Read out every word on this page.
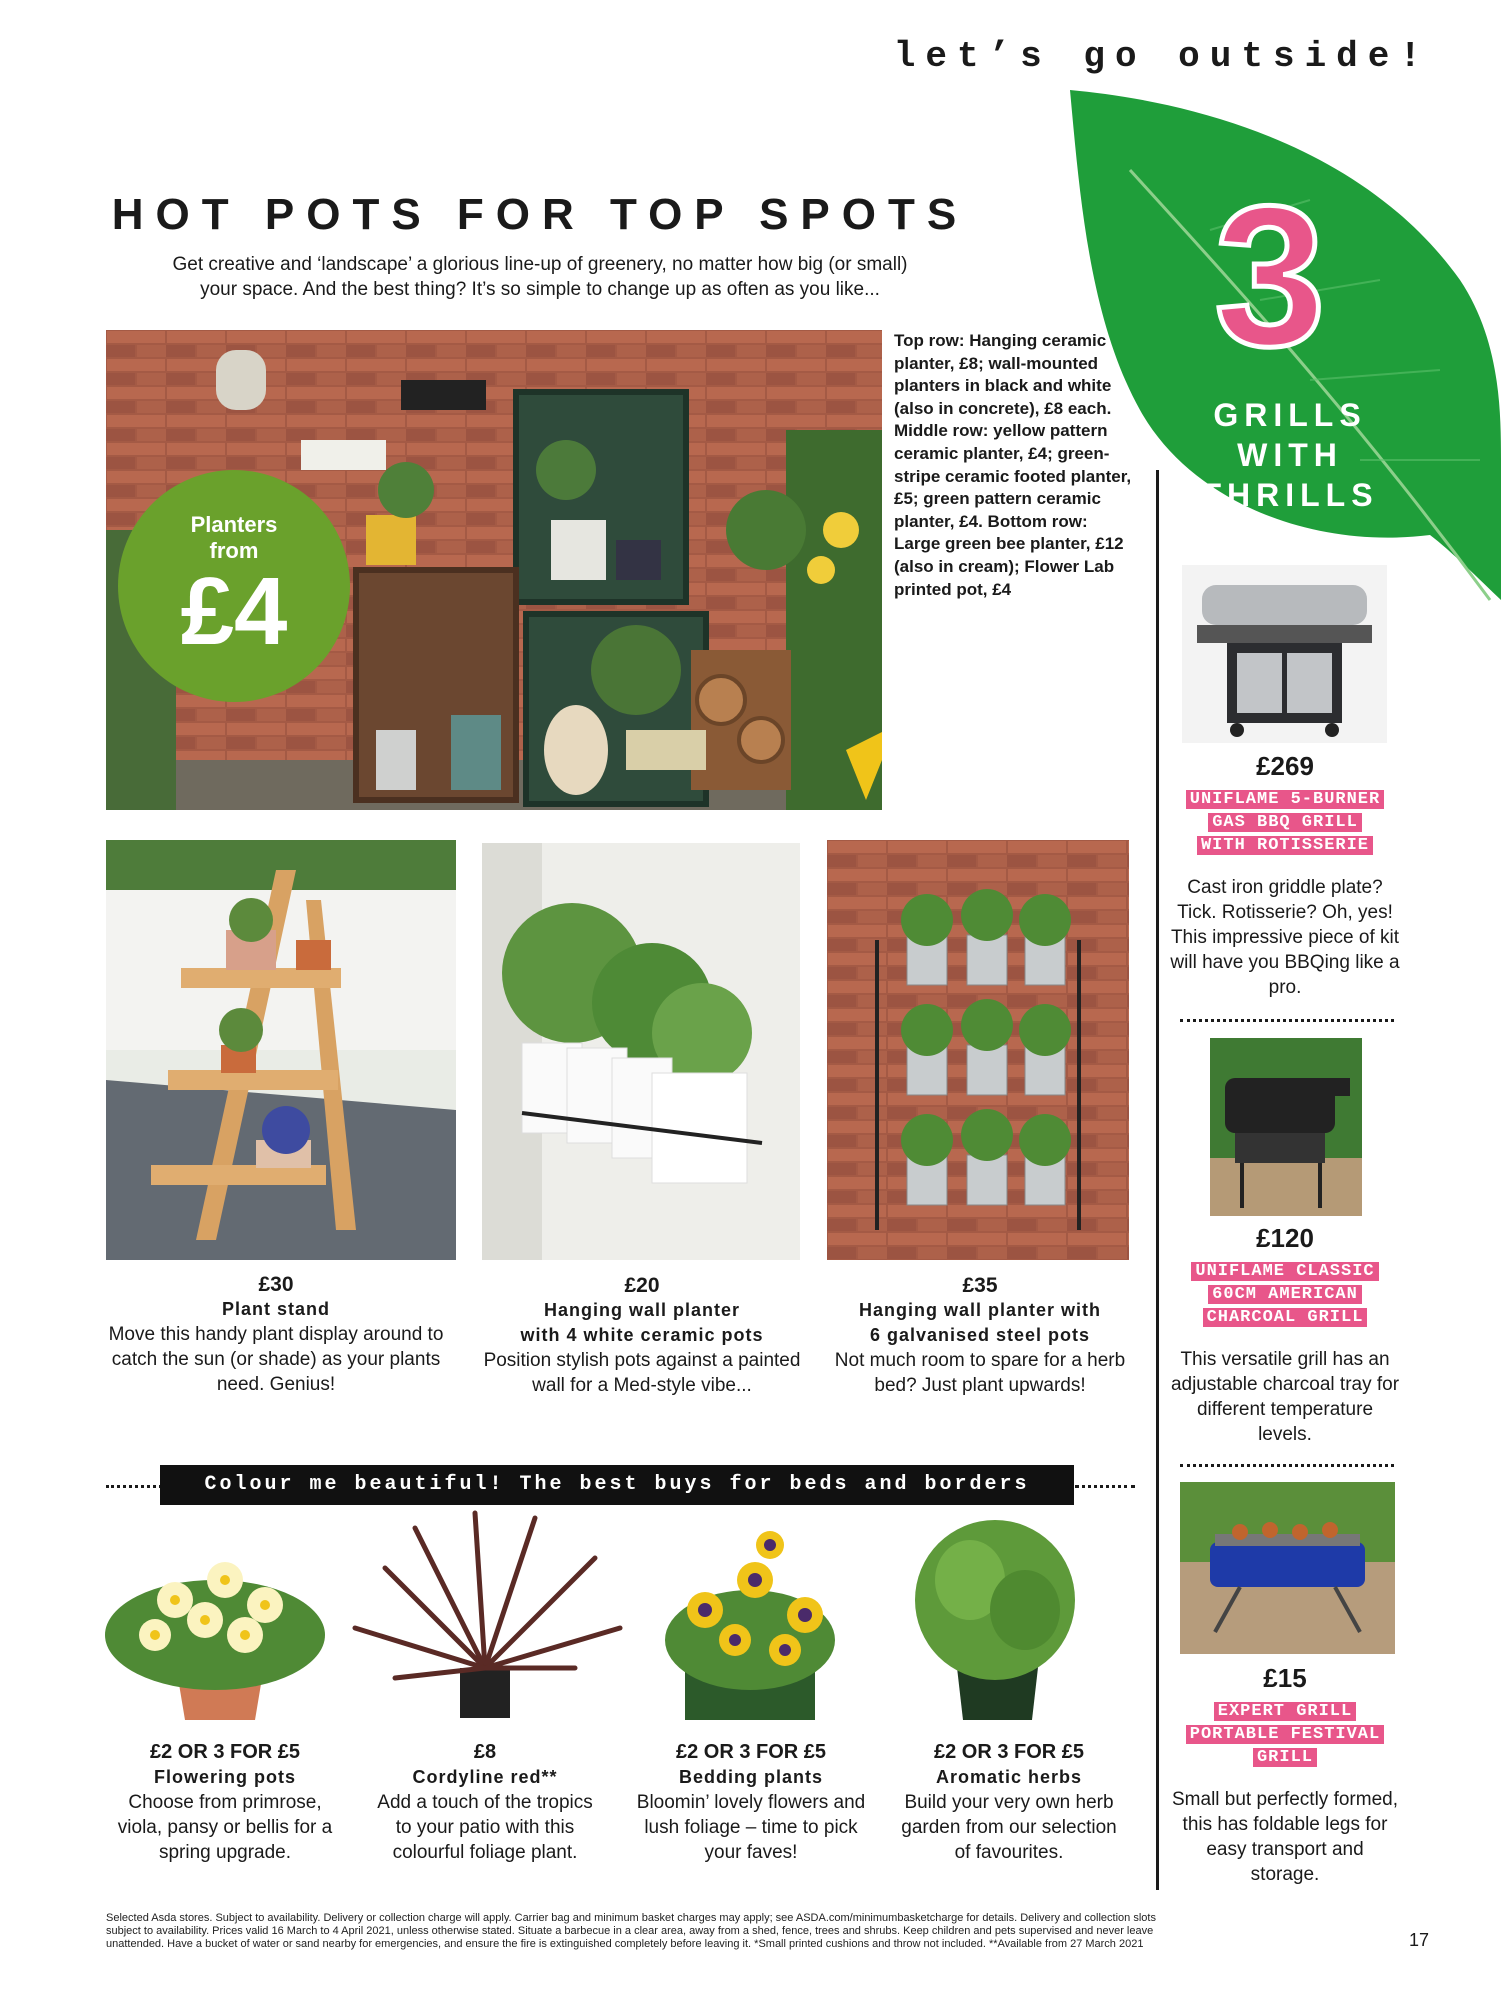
let’s go outside!
3
GRILLS
WITH
THRILLS
HOT POTS FOR TOP SPOTS
Get creative and ‘landscape’ a glorious line-up of greenery, no matter how big (or small)
your space. And the best thing? It’s so simple to change up as often as you like...
Planters
from
£4
Top row: Hanging ceramic planter, £8; wall-mounted planters in black and white (also in concrete), £8 each. Middle row: yellow pattern ceramic planter, £4; green-stripe ceramic footed planter, £5; green pattern ceramic planter, £4. Bottom row: Large green bee planter, £12 (also in cream); Flower Lab printed pot, £4
£30
Plant stand
Move this handy plant display around to catch the sun (or shade) as your plants need. Genius!
£20
Hanging wall planter
with 4 white ceramic pots
Position stylish pots against a painted wall for a Med-style vibe...
£35
Hanging wall planter with
6 galvanised steel pots
Not much room to spare for a herb bed? Just plant upwards!
Colour me beautiful! The best buys for beds and borders
£2 OR 3 FOR £5
Flowering pots
Choose from primrose, viola, pansy or bellis for a spring upgrade.
£8
Cordyline red**
Add a touch of the tropics to your patio with this colourful foliage plant.
£2 OR 3 FOR £5
Bedding plants
Bloomin’ lovely flowers and lush foliage – time to pick your faves!
£2 OR 3 FOR £5
Aromatic herbs
Build your very own herb garden from our selection of favourites.
£269
UNIFLAME 5-BURNER
GAS BBQ GRILL
WITH ROTISSERIE
Cast iron griddle plate? Tick. Rotisserie? Oh, yes! This impressive piece of kit will have you BBQing like a pro.
£120
UNIFLAME CLASSIC
60CM AMERICAN
CHARCOAL GRILL
This versatile grill has an adjustable charcoal tray for different temperature levels.
£15
EXPERT GRILL
PORTABLE FESTIVAL
GRILL
Small but perfectly formed, this has foldable legs for easy transport and storage.
Selected Asda stores. Subject to availability. Delivery or collection charge will apply. Carrier bag and minimum basket charges may apply; see ASDA.com/minimumbasketcharge for details. Delivery and collection slots subject to availability. Prices valid 16 March to 4 April 2021, unless otherwise stated. Situate a barbecue in a clear area, away from a shed, fence, trees and shrubs. Keep children and pets supervised and never leave unattended. Have a bucket of water or sand nearby for emergencies, and ensure the fire is extinguished completely before leaving it. *Small printed cushions and throw not included. **Available from 27 March 2021	17
